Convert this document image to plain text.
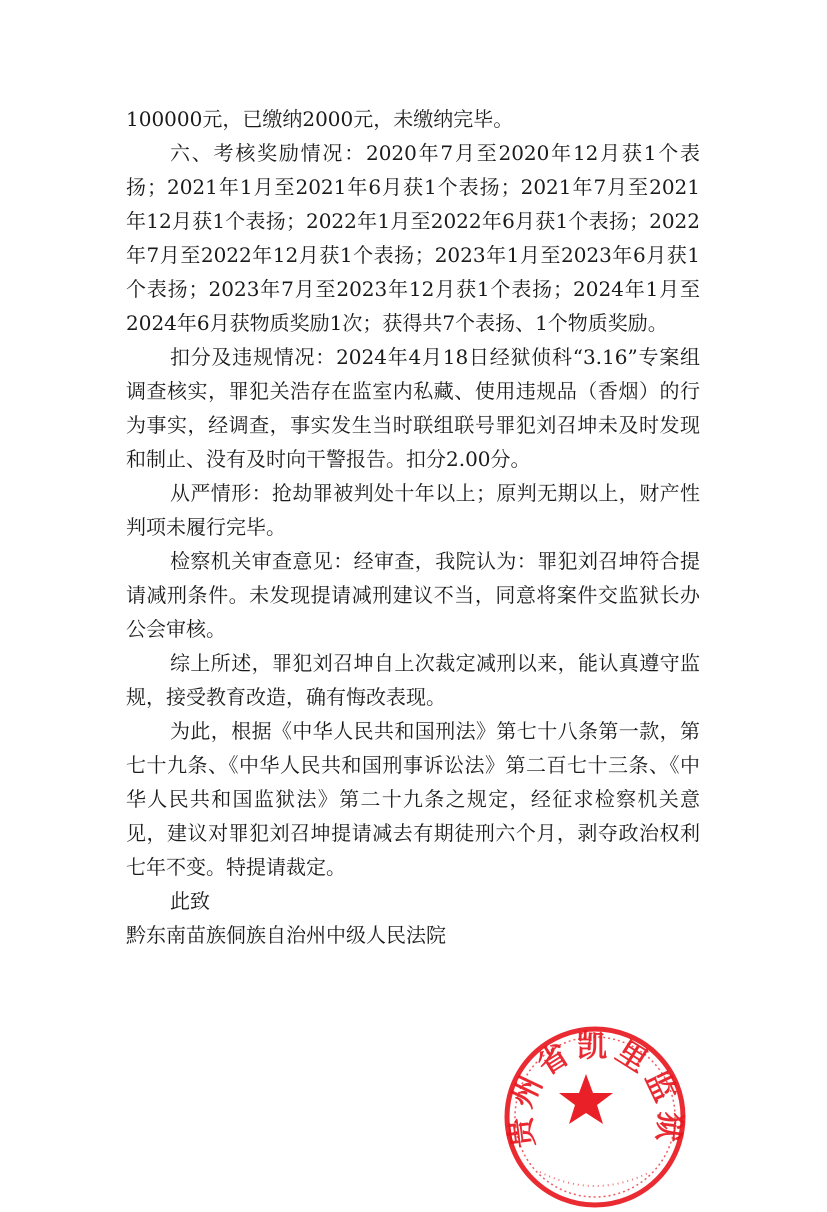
100000元，已缴纳2000元，未缴纳完毕。

六、考核奖励情况：2020年7月至2020年12月获1个表扬；2021年1月至2021年6月获1个表扬；2021年7月至2021年12月获1个表扬；2022年1月至2022年6月获1个表扬；2022年7月至2022年12月获1个表扬；2023年1月至2023年6月获1个表扬；2023年7月至2023年12月获1个表扬；2024年1月至2024年6月获物质奖励1次；获得共7个表扬、1个物质奖励。

扣分及违规情况：2024年4月18日经狱侦科“3.16”专案组调查核实，罪犯关浩存在监室内私藏、使用违规品（香烟）的行为事实，经调查，事实发生当时联组联号罪犯刘召坤未及时发现和制止、没有及时向干警报告。扣分2.00分。

从严情形：抢劫罪被判处十年以上；原判无期以上，财产性判项未履行完毕。

检察机关审查意见：经审查，我院认为：罪犯刘召坤符合提请减刑条件。未发现提请减刑建议不当，同意将案件交监狱长办公会审核。

综上所述，罪犯刘召坤自上次裁定减刑以来，能认真遵守监规，接受教育改造，确有悔改表现。

为此，根据《中华人民共和国刑法》第七十八条第一款，第七十九条、《中华人民共和国刑事诉讼法》第二百七十三条、《中华人民共和国监狱法》第二十九条之规定，经征求检察机关意见，建议对罪犯刘召坤提请减去有期徒刑六个月，剥夺政治权利七年不变。特提请裁定。

此致

黔东南苗族侗族自治州中级人民法院

贵州省凯里监狱
